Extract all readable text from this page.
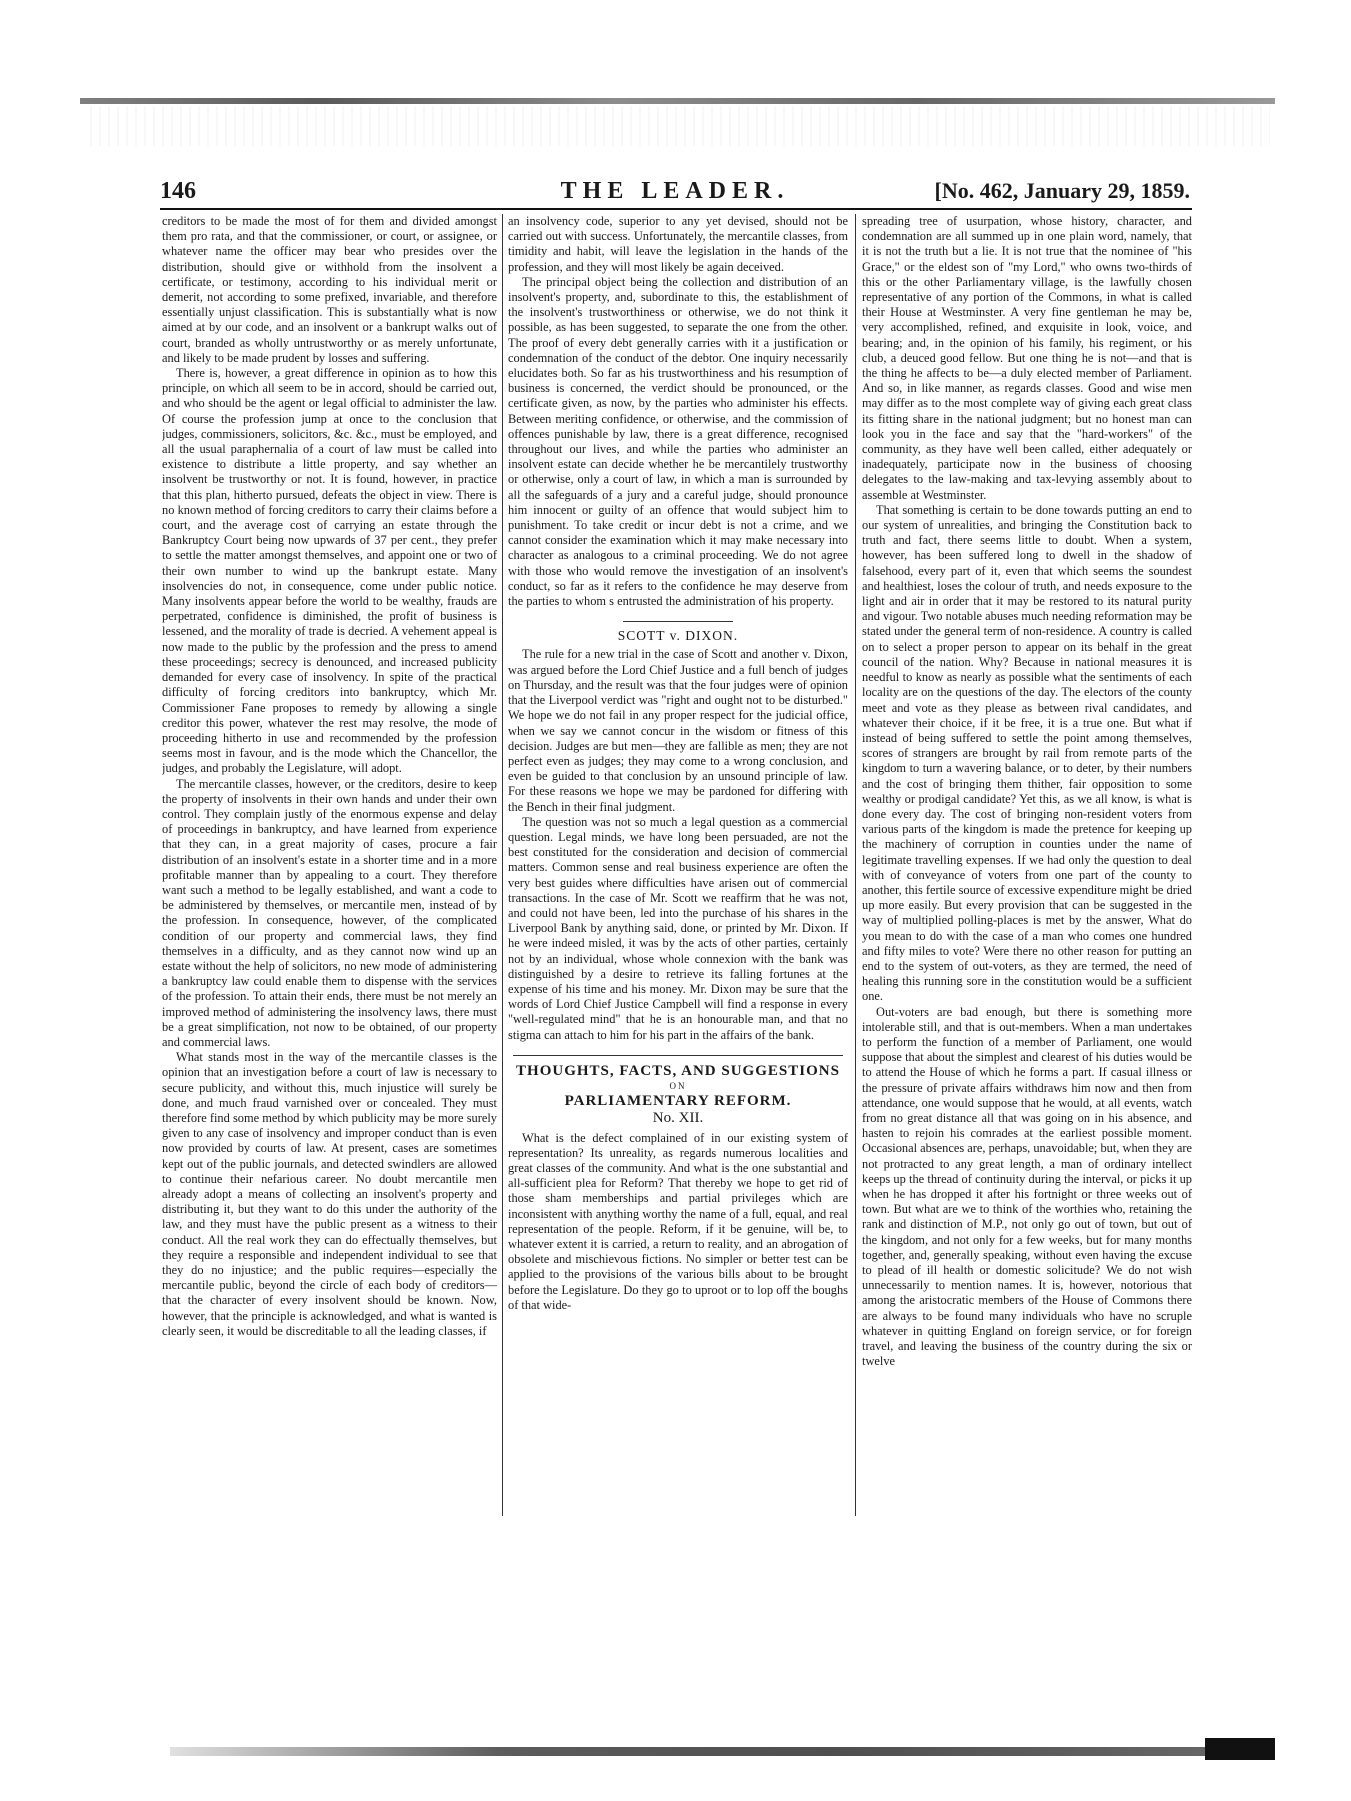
146	THE LEADER.	[No. 462, January 29, 1859.

creditors to be made the most of for them and divided amongst them pro rata, and that the commissioner, or court, or assignee, or whatever name the officer may bear who presides over the distribution, should give or withhold from the insolvent a certificate, or testimony, according to his individual merit or demerit, not according to some prefixed, invariable, and therefore essentially unjust classification. This is substantially what is now aimed at by our code, and an insolvent or a bankrupt walks out of court, branded as wholly untrustworthy or as merely unfortunate, and likely to be made prudent by losses and suffering.

There is, however, a great difference in opinion as to how this principle, on which all seem to be in accord, should be carried out, and who should be the agent or legal official to administer the law. Of course the profession jump at once to the conclusion that judges, commissioners, solicitors, &c. &c., must be employed, and all the usual paraphernalia of a court of law must be called into existence to distribute a little property, and say whether an insolvent be trustworthy or not. It is found, however, in practice that this plan, hitherto pursued, defeats the object in view. There is no known method of forcing creditors to carry their claims before a court, and the average cost of carrying an estate through the Bankruptcy Court being now upwards of 37 per cent., they prefer to settle the matter amongst themselves, and appoint one or two of their own number to wind up the bankrupt estate. Many insolvencies do not, in consequence, come under public notice. Many insolvents appear before the world to be wealthy, frauds are perpetrated, confidence is diminished, the profit of business is lessened, and the morality of trade is decried. A vehement appeal is now made to the public by the profession and the press to amend these proceedings; secrecy is denounced, and increased publicity demanded for every case of insolvency. In spite of the practical difficulty of forcing creditors into bankruptcy, which Mr. Commissioner Fane proposes to remedy by allowing a single creditor this power, whatever the rest may resolve, the mode of proceeding hitherto in use and recommended by the profession seems most in favour, and is the mode which the Chancellor, the judges, and probably the Legislature, will adopt.

The mercantile classes, however, or the creditors, desire to keep the property of insolvents in their own hands and under their own control. They complain justly of the enormous expense and delay of proceedings in bankruptcy, and have learned from experience that they can, in a great majority of cases, procure a fair distribution of an insolvent's estate in a shorter time and in a more profitable manner than by appealing to a court. They therefore want such a method to be legally established, and want a code to be administered by themselves, or mercantile men, instead of by the profession. In consequence, however, of the complicated condition of our property and commercial laws, they find themselves in a difficulty, and as they cannot now wind up an estate without the help of solicitors, no new mode of administering a bankruptcy law could enable them to dispense with the services of the profession. To attain their ends, there must be not merely an improved method of administering the insolvency laws, there must be a great simplification, not now to be obtained, of our property and commercial laws.

What stands most in the way of the mercantile classes is the opinion that an investigation before a court of law is necessary to secure publicity, and without this, much injustice will surely be done, and much fraud varnished over or concealed. They must therefore find some method by which publicity may be more surely given to any case of insolvency and improper conduct than is even now provided by courts of law. At present, cases are sometimes kept out of the public journals, and detected swindlers are allowed to continue their nefarious career. No doubt mercantile men already adopt a means of collecting an insolvent's property and distributing it, but they want to do this under the authority of the law, and they must have the public present as a witness to their conduct. All the real work they can do effectually themselves, but they require a responsible and independent individual to see that they do no injustice; and the public requires—especially the mercantile public, beyond the circle of each body of creditors—that the character of every insolvent should be known. Now, however, that the principle is acknowledged, and what is wanted is clearly seen, it would be discreditable to all the leading classes, if

an insolvency code, superior to any yet devised, should not be carried out with success. Unfortunately, the mercantile classes, from timidity and habit, will leave the legislation in the hands of the profession, and they will most likely be again deceived.

The principal object being the collection and distribution of an insolvent's property, and, subordinate to this, the establishment of the insolvent's trustworthiness or otherwise, we do not think it possible, as has been suggested, to separate the one from the other. The proof of every debt generally carries with it a justification or condemnation of the conduct of the debtor. One inquiry necessarily elucidates both. So far as his trustworthiness and his resumption of business is concerned, the verdict should be pronounced, or the certificate given, as now, by the parties who administer his effects. Between meriting confidence, or otherwise, and the commission of offences punishable by law, there is a great difference, recognised throughout our lives, and while the parties who administer an insolvent estate can decide whether he be mercantilely trustworthy or otherwise, only a court of law, in which a man is surrounded by all the safeguards of a jury and a careful judge, should pronounce him innocent or guilty of an offence that would subject him to punishment. To take credit or incur debt is not a crime, and we cannot consider the examination which it may make necessary into character as analogous to a criminal proceeding. We do not agree with those who would remove the investigation of an insolvent's conduct, so far as it refers to the confidence he may deserve from the parties to whom s entrusted the administration of his property.

SCOTT v. DIXON.

The rule for a new trial in the case of Scott and another v. Dixon, was argued before the Lord Chief Justice and a full bench of judges on Thursday, and the result was that the four judges were of opinion that the Liverpool verdict was "right and ought not to be disturbed." We hope we do not fail in any proper respect for the judicial office, when we say we cannot concur in the wisdom or fitness of this decision. Judges are but men—they are fallible as men; they are not perfect even as judges; they may come to a wrong conclusion, and even be guided to that conclusion by an unsound principle of law. For these reasons we hope we may be pardoned for differing with the Bench in their final judgment.

The question was not so much a legal question as a commercial question. Legal minds, we have long been persuaded, are not the best constituted for the consideration and decision of commercial matters. Common sense and real business experience are often the very best guides where difficulties have arisen out of commercial transactions. In the case of Mr. Scott we reaffirm that he was not, and could not have been, led into the purchase of his shares in the Liverpool Bank by anything said, done, or printed by Mr. Dixon. If he were indeed misled, it was by the acts of other parties, certainly not by an individual, whose whole connexion with the bank was distinguished by a desire to retrieve its falling fortunes at the expense of his time and his money. Mr. Dixon may be sure that the words of Lord Chief Justice Campbell will find a response in every "well-regulated mind" that he is an honourable man, and that no stigma can attach to him for his part in the affairs of the bank.

THOUGHTS, FACTS, AND SUGGESTIONS
ON
PARLIAMENTARY REFORM.
No. XII.

What is the defect complained of in our existing system of representation? Its unreality, as regards numerous localities and great classes of the community. And what is the one substantial and all-sufficient plea for Reform? That thereby we hope to get rid of those sham memberships and partial privileges which are inconsistent with anything worthy the name of a full, equal, and real representation of the people. Reform, if it be genuine, will be, to whatever extent it is carried, a return to reality, and an abrogation of obsolete and mischievous fictions. No simpler or better test can be applied to the provisions of the various bills about to be brought before the Legislature. Do they go to uproot or to lop off the boughs of that wide-

spreading tree of usurpation, whose history, character, and condemnation are all summed up in one plain word, namely, that it is not the truth but a lie. It is not true that the nominee of "his Grace," or the eldest son of "my Lord," who owns two-thirds of this or the other Parliamentary village, is the lawfully chosen representative of any portion of the Commons, in what is called their House at Westminster. A very fine gentleman he may be, very accomplished, refined, and exquisite in look, voice, and bearing; and, in the opinion of his family, his regiment, or his club, a deuced good fellow. But one thing he is not—and that is the thing he affects to be—a duly elected member of Parliament. And so, in like manner, as regards classes. Good and wise men may differ as to the most complete way of giving each great class its fitting share in the national judgment; but no honest man can look you in the face and say that the "hard-workers" of the community, as they have well been called, either adequately or inadequately, participate now in the business of choosing delegates to the law-making and tax-levying assembly about to assemble at Westminster.

That something is certain to be done towards putting an end to our system of unrealities, and bringing the Constitution back to truth and fact, there seems little to doubt. When a system, however, has been suffered long to dwell in the shadow of falsehood, every part of it, even that which seems the soundest and healthiest, loses the colour of truth, and needs exposure to the light and air in order that it may be restored to its natural purity and vigour. Two notable abuses much needing reformation may be stated under the general term of non-residence. A country is called on to select a proper person to appear on its behalf in the great council of the nation. Why? Because in national measures it is needful to know as nearly as possible what the sentiments of each locality are on the questions of the day. The electors of the county meet and vote as they please as between rival candidates, and whatever their choice, if it be free, it is a true one. But what if instead of being suffered to settle the point among themselves, scores of strangers are brought by rail from remote parts of the kingdom to turn a wavering balance, or to deter, by their numbers and the cost of bringing them thither, fair opposition to some wealthy or prodigal candidate? Yet this, as we all know, is what is done every day. The cost of bringing non-resident voters from various parts of the kingdom is made the pretence for keeping up the machinery of corruption in counties under the name of legitimate travelling expenses. If we had only the question to deal with of conveyance of voters from one part of the county to another, this fertile source of excessive expenditure might be dried up more easily. But every provision that can be suggested in the way of multiplied polling-places is met by the answer, What do you mean to do with the case of a man who comes one hundred and fifty miles to vote? Were there no other reason for putting an end to the system of out-voters, as they are termed, the need of healing this running sore in the constitution would be a sufficient one.

Out-voters are bad enough, but there is something more intolerable still, and that is out-members. When a man undertakes to perform the function of a member of Parliament, one would suppose that about the simplest and clearest of his duties would be to attend the House of which he forms a part. If casual illness or the pressure of private affairs withdraws him now and then from attendance, one would suppose that he would, at all events, watch from no great distance all that was going on in his absence, and hasten to rejoin his comrades at the earliest possible moment. Occasional absences are, perhaps, unavoidable; but, when they are not protracted to any great length, a man of ordinary intellect keeps up the thread of continuity during the interval, or picks it up when he has dropped it after his fortnight or three weeks out of town. But what are we to think of the worthies who, retaining the rank and distinction of M.P., not only go out of town, but out of the kingdom, and not only for a few weeks, but for many months together, and, generally speaking, without even having the excuse to plead of ill health or domestic solicitude? We do not wish unnecessarily to mention names. It is, however, notorious that among the aristocratic members of the House of Commons there are always to be found many individuals who have no scruple whatever in quitting England on foreign service, or for foreign travel, and leaving the business of the country during the six or twelve
